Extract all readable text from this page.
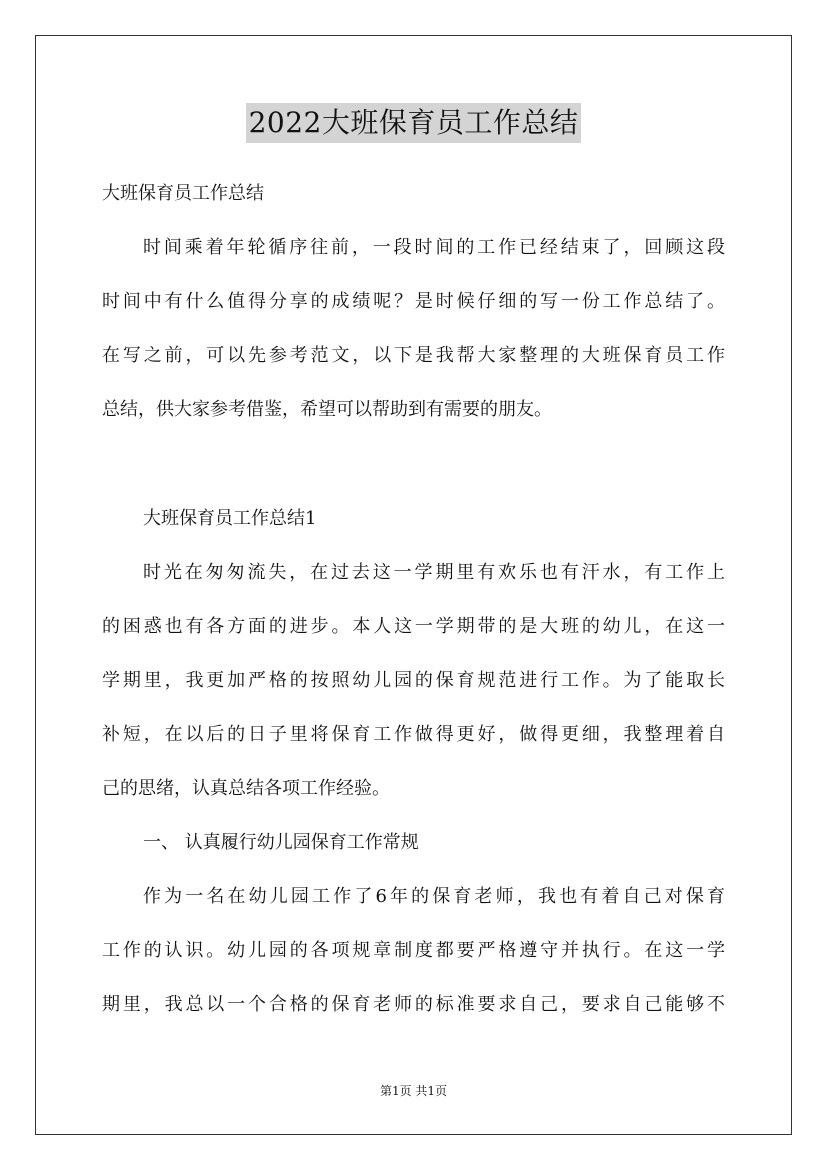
2022大班保育员工作总结
大班保育员工作总结
时间乘着年轮循序往前，一段时间的工作已经结束了，回顾这段
时间中有什么值得分享的成绩呢？是时候仔细的写一份工作总结了。
在写之前，可以先参考范文，以下是我帮大家整理的大班保育员工作
总结，供大家参考借鉴，希望可以帮助到有需要的朋友。
大班保育员工作总结1
时光在匆匆流失，在过去这一学期里有欢乐也有汗水，有工作上
的困惑也有各方面的进步。本人这一学期带的是大班的幼儿，在这一
学期里，我更加严格的按照幼儿园的保育规范进行工作。为了能取长
补短，在以后的日子里将保育工作做得更好，做得更细，我整理着自
己的思绪，认真总结各项工作经验。
一、 认真履行幼儿园保育工作常规
作为一名在幼儿园工作了6年的保育老师，我也有着自己对保育
工作的认识。幼儿园的各项规章制度都要严格遵守并执行。在这一学
期里，我总以一个合格的保育老师的标准要求自己，要求自己能够不
第1页 共1页
